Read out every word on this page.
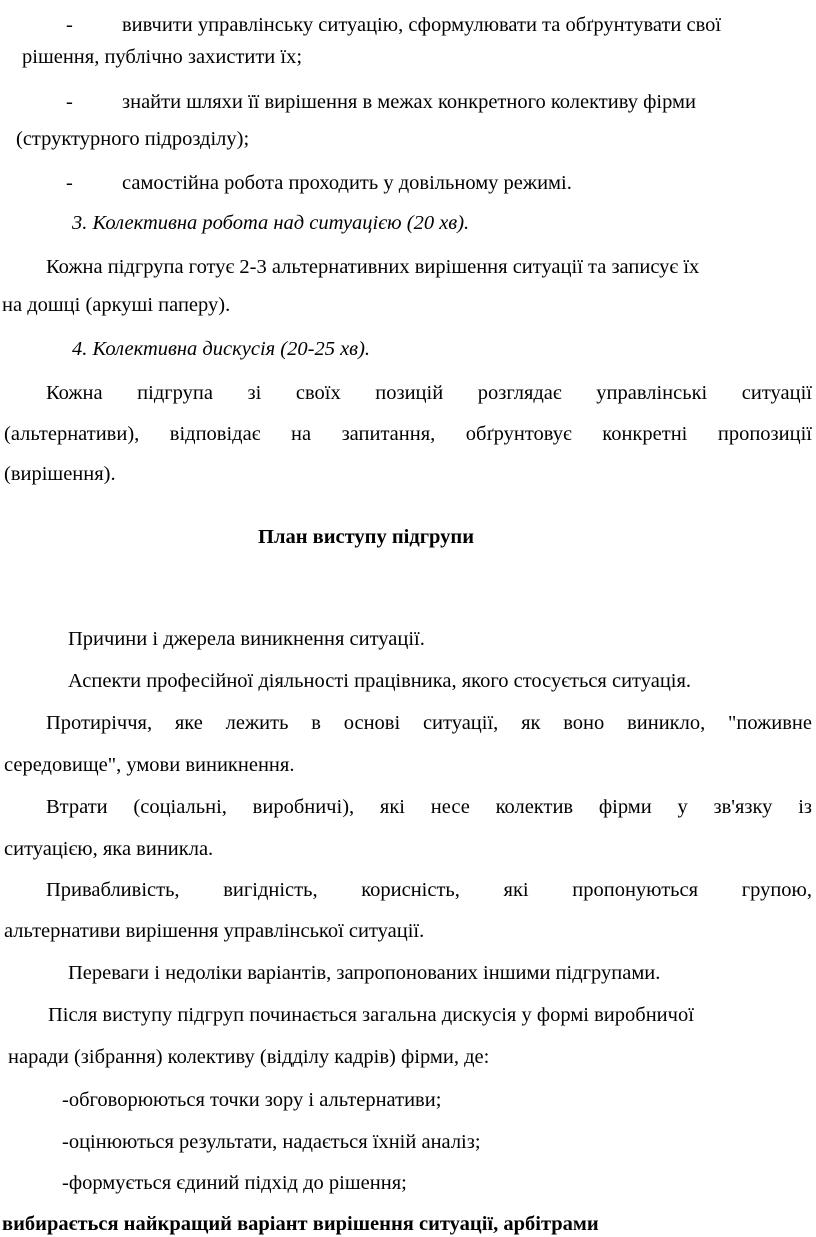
- вивчити управлінську ситуацію, сформулювати та обґрунтувати свої
рішення, публічно захистити їх;
- знайти шляхи її вирішення в межах конкретного колективу фірми
(структурного підрозділу);
- самостійна робота проходить у довільному режимі.
3. Колективна робота над ситуацією (20 хв).
Кожна підгрупа готує 2-3 альтернативних вирішення ситуації та записує їх
на дошці (аркуші паперу).
4. Колективна дискусія (20-25 хв).
Кожна підгрупа зі своїх позицій розглядає управлінські ситуації
(альтернативи), відповідає на запитання, обґрунтовує конкретні пропозиції
(вирішення).
План виступу підгрупи
Причини і джерела виникнення ситуації.
Аспекти професійної діяльності працівника, якого стосується ситуація.
Протиріччя, яке лежить в основі ситуації, як воно виникло, "поживне
середовище", умови виникнення.
Втрати (соціальні, виробничі), які несе колектив фірми у зв'язку із
ситуацією, яка виникла.
Привабливість, вигідність, корисність, які пропонуються групою,
альтернативи вирішення управлінської ситуації.
Переваги і недоліки варіантів, запропонованих іншими підгрупами.
Після виступу підгруп починається загальна дискусія у формі виробничої
наради (зібрання) колективу (відділу кадрів) фірми, де:
-обговорюються точки зору і альтернативи;
-оцінюються результати, надається їхній аналіз;
-формується єдиний підхід до рішення;
вибирається найкращий варіант вирішення ситуації, арбітрами
